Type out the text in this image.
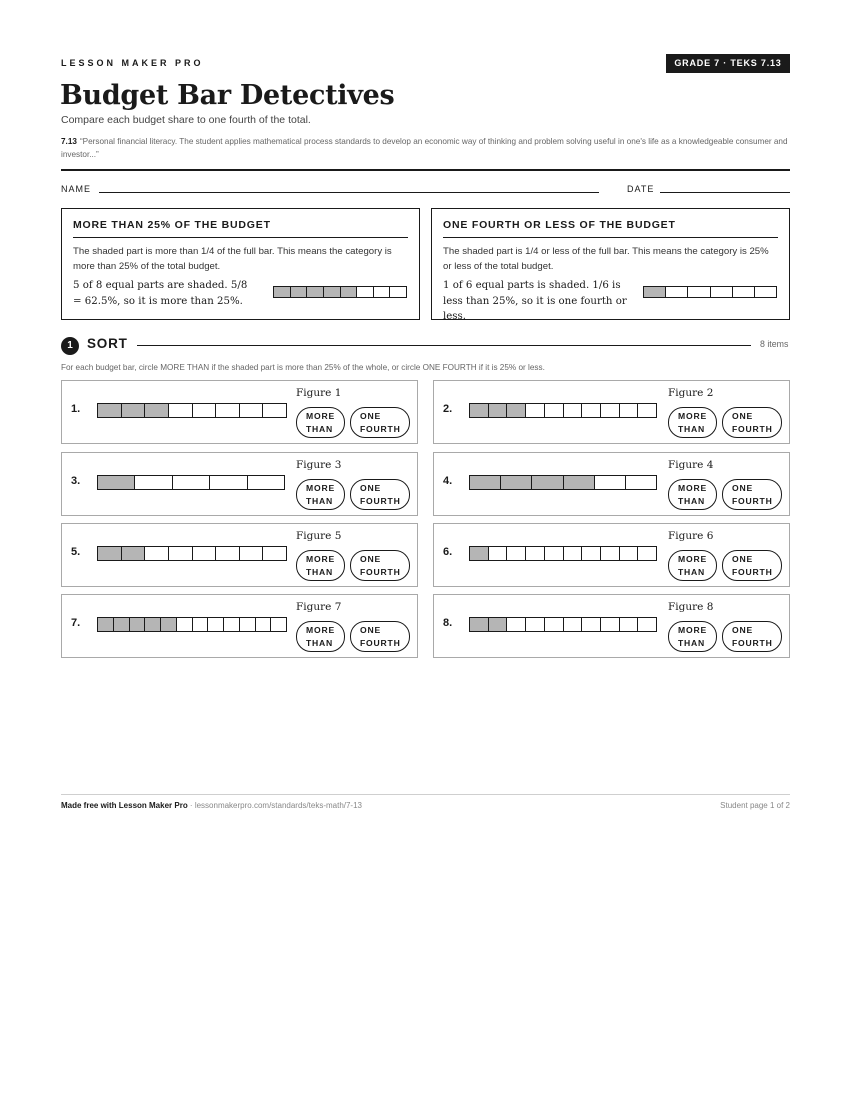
LESSON MAKER PRO	GRADE 7 · TEKS 7.13
Budget Bar Detectives
Compare each budget share to one fourth of the total.
7.13 “Personal financial literacy. The student applies mathematical process standards to develop an economic way of thinking and problem solving useful in one's life as a knowledgeable consumer and investor...”
NAME	DATE
MORE THAN 25% OF THE BUDGET
The shaded part is more than 1/4 of the full bar. This means the category is more than 25% of the total budget.
5 of 8 equal parts are shaded. 5/8 = 62.5%, so it is more than 25%.
ONE FOURTH OR LESS OF THE BUDGET
The shaded part is 1/4 or less of the full bar. This means the category is 25% or less of the total budget.
1 of 6 equal parts is shaded. 1/6 is less than 25%, so it is one fourth or less.
1	SORT	8 items
For each budget bar, circle MORE THAN if the shaded part is more than 25% of the whole, or circle ONE FOURTH if it is 25% or less.
1.
Figure 1
MORE
THAN
ONE
FOURTH
2.
Figure 2
MORE
THAN
ONE
FOURTH
3.
Figure 3
MORE
THAN
ONE
FOURTH
4.
Figure 4
MORE
THAN
ONE
FOURTH
5.
Figure 5
MORE
THAN
ONE
FOURTH
6.
Figure 6
MORE
THAN
ONE
FOURTH
7.
Figure 7
MORE
THAN
ONE
FOURTH
8.
Figure 8
MORE
THAN
ONE
FOURTH
Made free with Lesson Maker Pro · lessonmakerpro.com/standards/teks-math/7-13	Student page 1 of 2
